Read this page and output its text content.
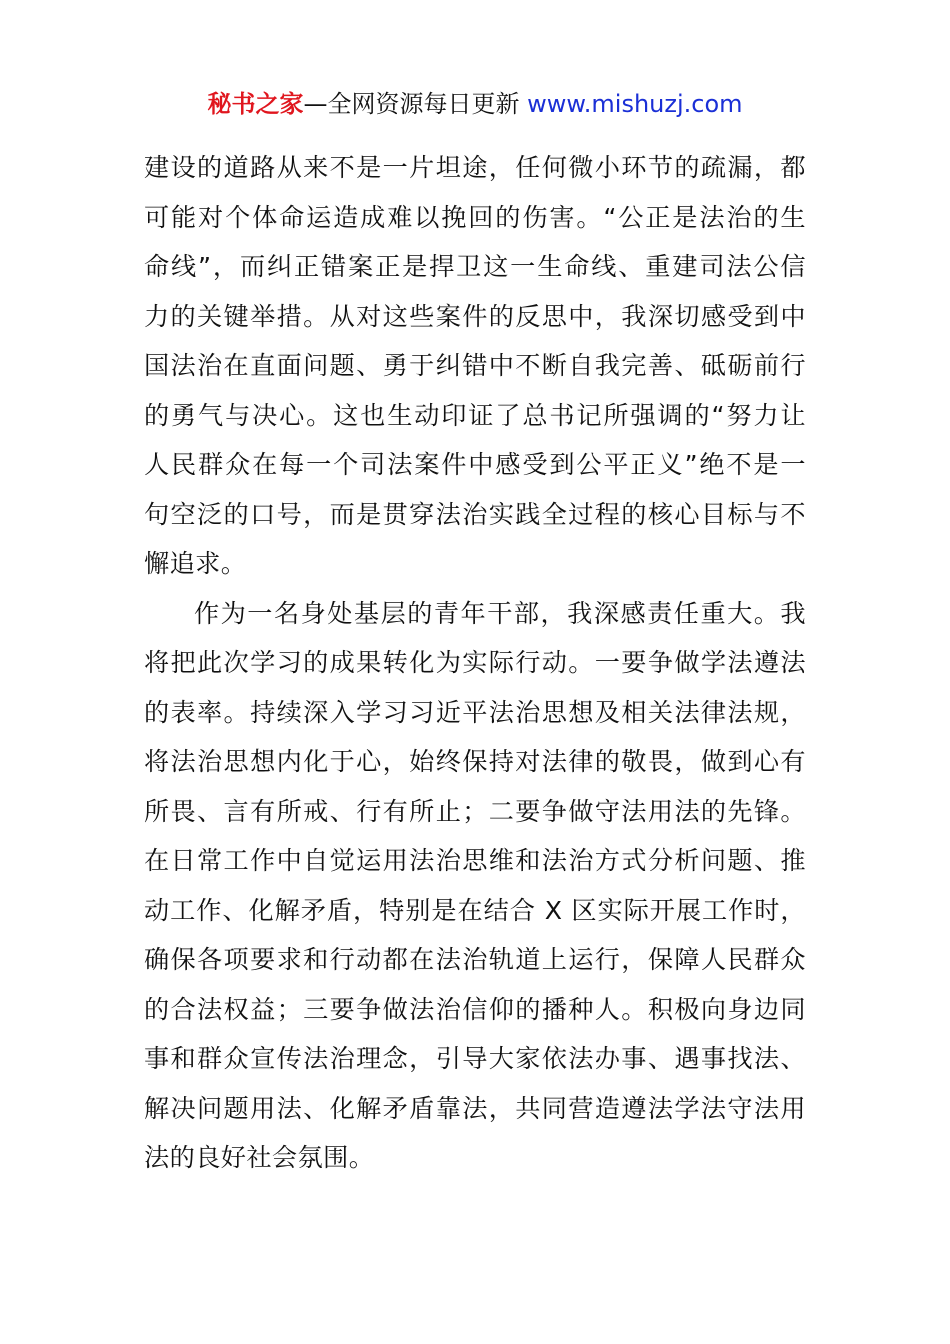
秘书之家—全网资源每日更新 www.mishuzj.com

建设的道路从来不是一片坦途，任何微小环节的疏漏，都
可能对个体命运造成难以挽回的伤害。“公正是法治的生
命线”，而纠正错案正是捍卫这一生命线、重建司法公信
力的关键举措。从对这些案件的反思中，我深切感受到中
国法治在直面问题、勇于纠错中不断自我完善、砥砺前行
的勇气与决心。这也生动印证了总书记所强调的“努力让
人民群众在每一个司法案件中感受到公平正义”绝不是一
句空泛的口号，而是贯穿法治实践全过程的核心目标与不
懈追求。

作为一名身处基层的青年干部，我深感责任重大。我
将把此次学习的成果转化为实际行动。一要争做学法遵法
的表率。持续深入学习习近平法治思想及相关法律法规，
将法治思想内化于心，始终保持对法律的敬畏，做到心有
所畏、言有所戒、行有所止；二要争做守法用法的先锋。
在日常工作中自觉运用法治思维和法治方式分析问题、推
动工作、化解矛盾，特别是在结合 X 区实际开展工作时，
确保各项要求和行动都在法治轨道上运行，保障人民群众
的合法权益；三要争做法治信仰的播种人。积极向身边同
事和群众宣传法治理念，引导大家依法办事、遇事找法、
解决问题用法、化解矛盾靠法，共同营造遵法学法守法用
法的良好社会氛围。
